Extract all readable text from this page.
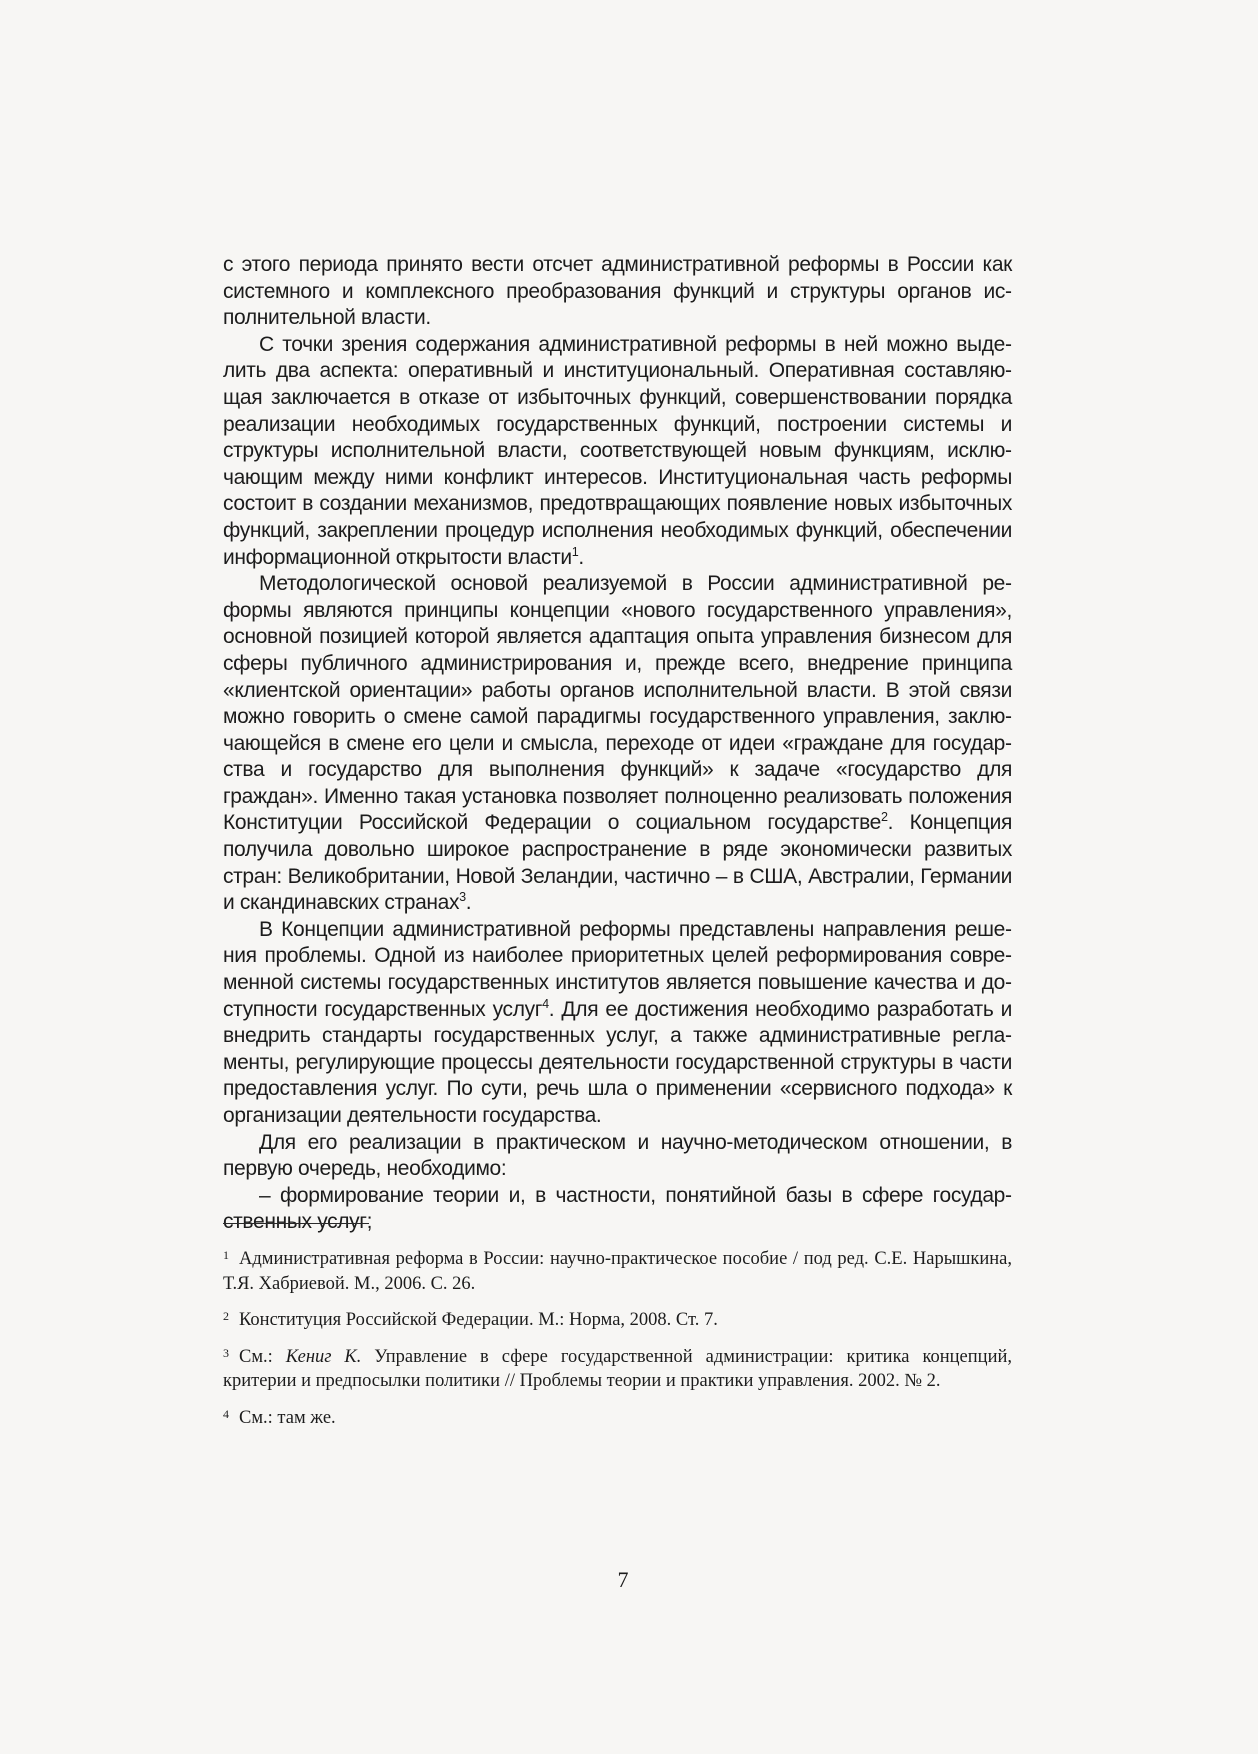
с этого периода принято вести отсчет административной реформы в России как системного и комплексного преобразования функций и структуры органов исполнительной власти.

С точки зрения содержания административной реформы в ней можно выделить два аспекта: оперативный и институциональный. Оперативная составляющая заключается в отказе от избыточных функций, совершенствовании порядка реализации необходимых государственных функций, построении системы и структуры исполнительной власти, соответствующей новым функциям, исключающим между ними конфликт интересов. Институциональная часть реформы состоит в создании механизмов, предотвращающих появление новых избыточных функций, закреплении процедур исполнения необходимых функций, обеспечении информационной открытости власти$^1$.

Методологической основой реализуемой в России административной реформы являются принципы концепции «нового государственного управления», основной позицией которой является адаптация опыта управления бизнесом для сферы публичного администрирования и, прежде всего, внедрение принципа «клиентской ориентации» работы органов исполнительной власти. В этой связи можно говорить о смене самой парадигмы государственного управления, заключающейся в смене его цели и смысла, переходе от идеи «граждане для государства и государство для выполнения функций» к задаче «государство для граждан». Именно такая установка позволяет полноценно реализовать положения Конституции Российской Федерации о социальном государстве$^2$. Концепция получила довольно широкое распространение в ряде экономически развитых стран: Великобритании, Новой Зеландии, частично – в США, Австралии, Германии и скандинавских странах$^3$.

В Концепции административной реформы представлены направления решения проблемы. Одной из наиболее приоритетных целей реформирования современной системы государственных институтов является повышение качества и доступности государственных услуг$^4$. Для ее достижения необходимо разработать и внедрить стандарты государственных услуг, а также административные регламенты, регулирующие процессы деятельности государственной структуры в части предоставления услуг. По сути, речь шла о применении «сервисного подхода» к организации деятельности государства.

Для его реализации в практическом и научно-методическом отношении, в первую очередь, необходимо:

– формирование теории и, в частности, понятийной базы в сфере государственных услуг;

$^1$ Административная реформа в России: научно-практическое пособие / под ред. С.Е. Нарышкина, Т.Я. Хабриевой. М., 2006. С. 26.

$^2$ Конституция Российской Федерации. М.: Норма, 2008. Ст. 7.

$^3$ См.: Кениг К. Управление в сфере государственной администрации: критика концепций, критерии и предпосылки политики // Проблемы теории и практики управления. 2002. № 2.

$^4$ См.: там же.

7
